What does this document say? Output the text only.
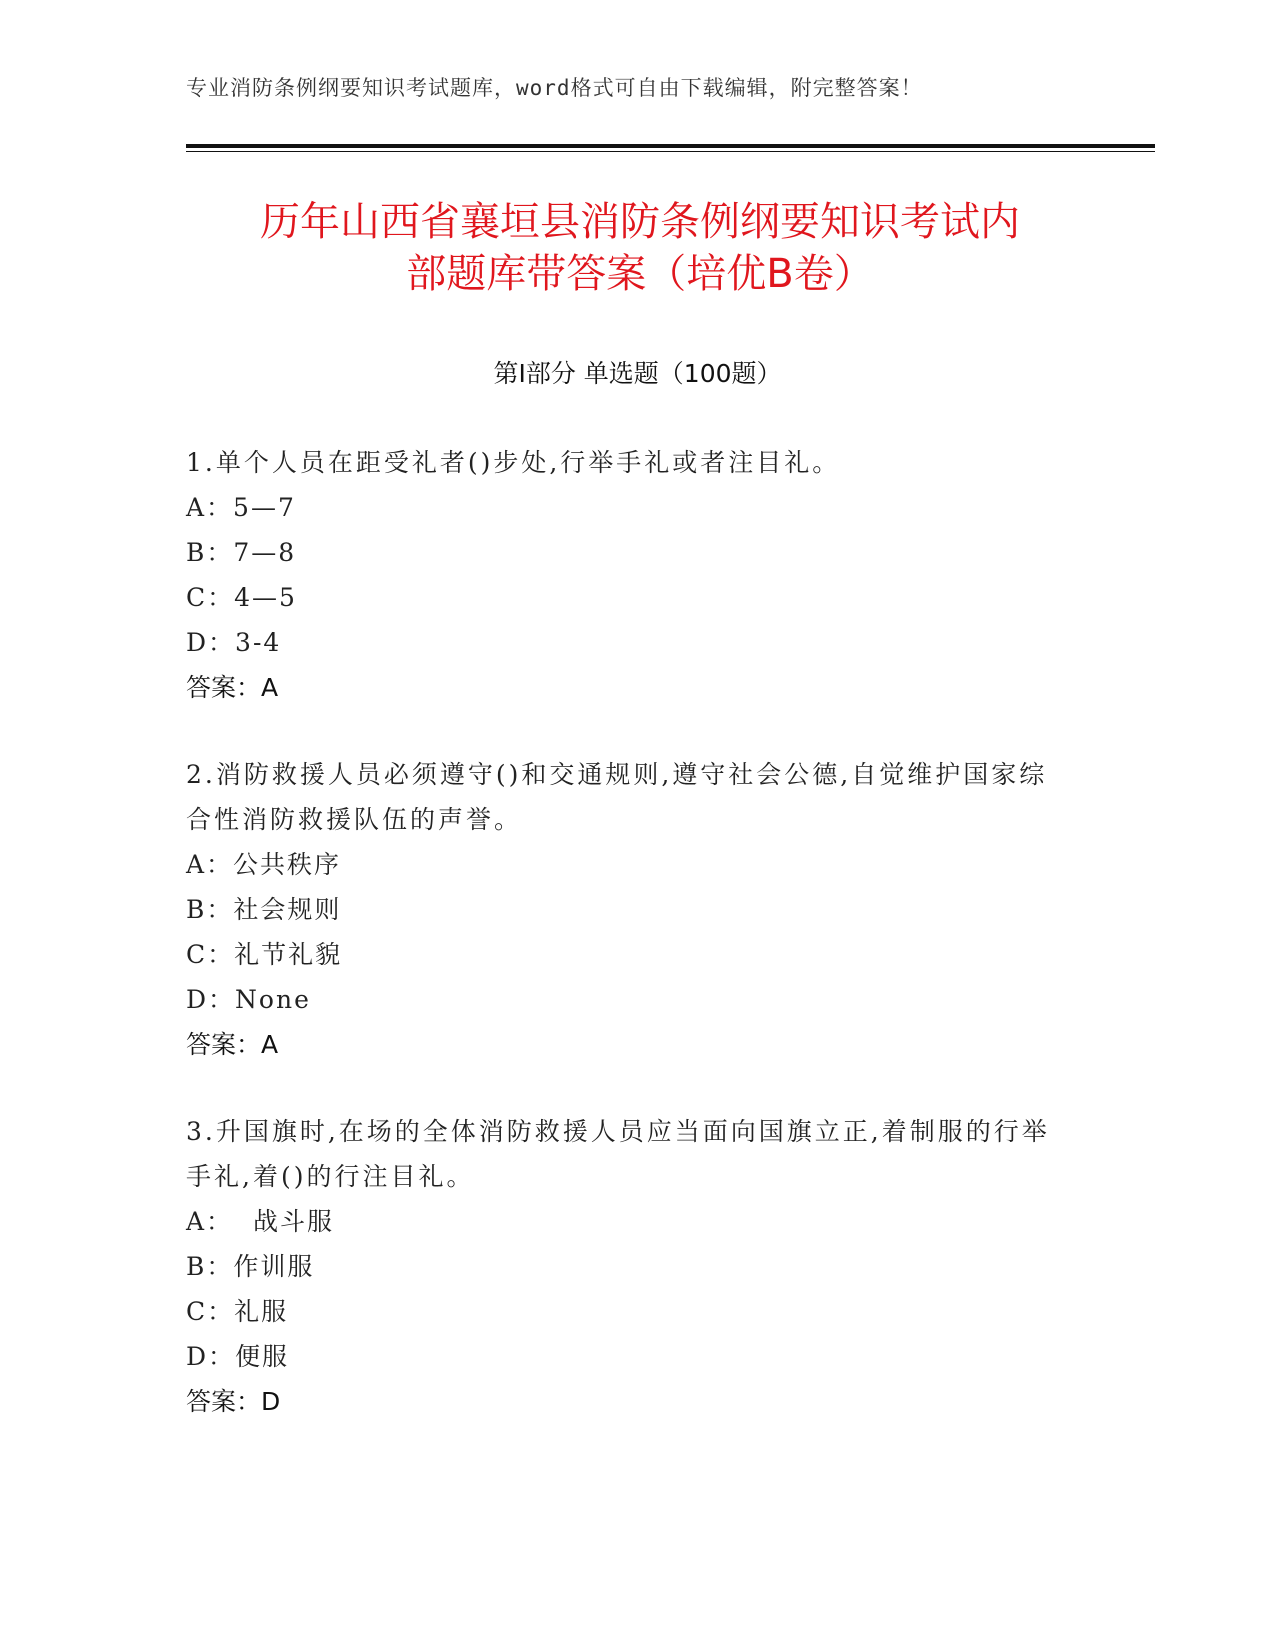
专业消防条例纲要知识考试题库，word格式可自由下载编辑，附完整答案！
历年山西省襄垣县消防条例纲要知识考试内
部题库带答案（培优B卷）
第Ⅰ部分 单选题（100题）
1.单个人员在距受礼者()步处,行举手礼或者注目礼。
A：5—7
B：7—8
C：4—5
D：3-4
答案：A
2.消防救援人员必须遵守()和交通规则,遵守社会公德,自觉维护国家综合性消防救援队伍的声誉。
A：公共秩序
B：社会规则
C：礼节礼貌
D：None
答案：A
3.升国旗时,在场的全体消防救援人员应当面向国旗立正,着制服的行举手礼,着()的行注目礼。
A：  战斗服
B：作训服
C：礼服
D：便服
答案：D
